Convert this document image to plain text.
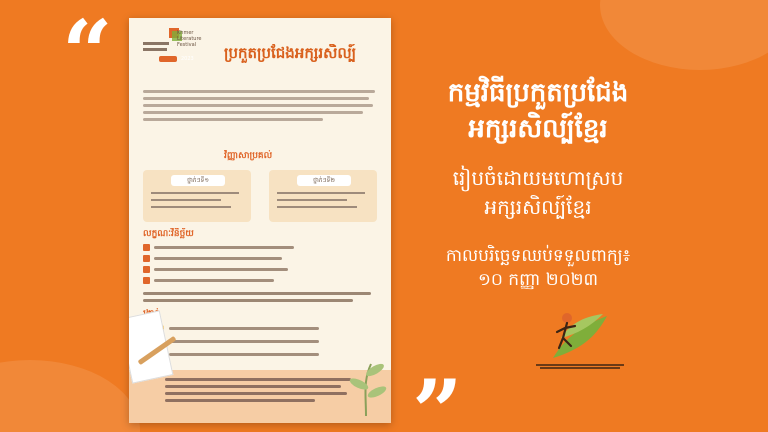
“
”
Khmer Literature Festival
2023 ប្រកួតប្រជែងអក្សរសិល្ប៍
វិញ្ញាសាប្រគល់
ថ្នាក់ៗទី១	ថ្នាក់ៗទី២
លក្ខណៈវិនិច្ឆ័យ
កម្មវិធីប្រកួតប្រជែង
អក្សរសិល្ប៍ខ្មែរ
រៀបចំដោយមហោស្រប
អក្សរសិល្ប៍ខ្មែរ
កាលបរិច្ឆេទឈប់ទទួលពាក្យ៖
១០ កញ្ញា ២០២៣
